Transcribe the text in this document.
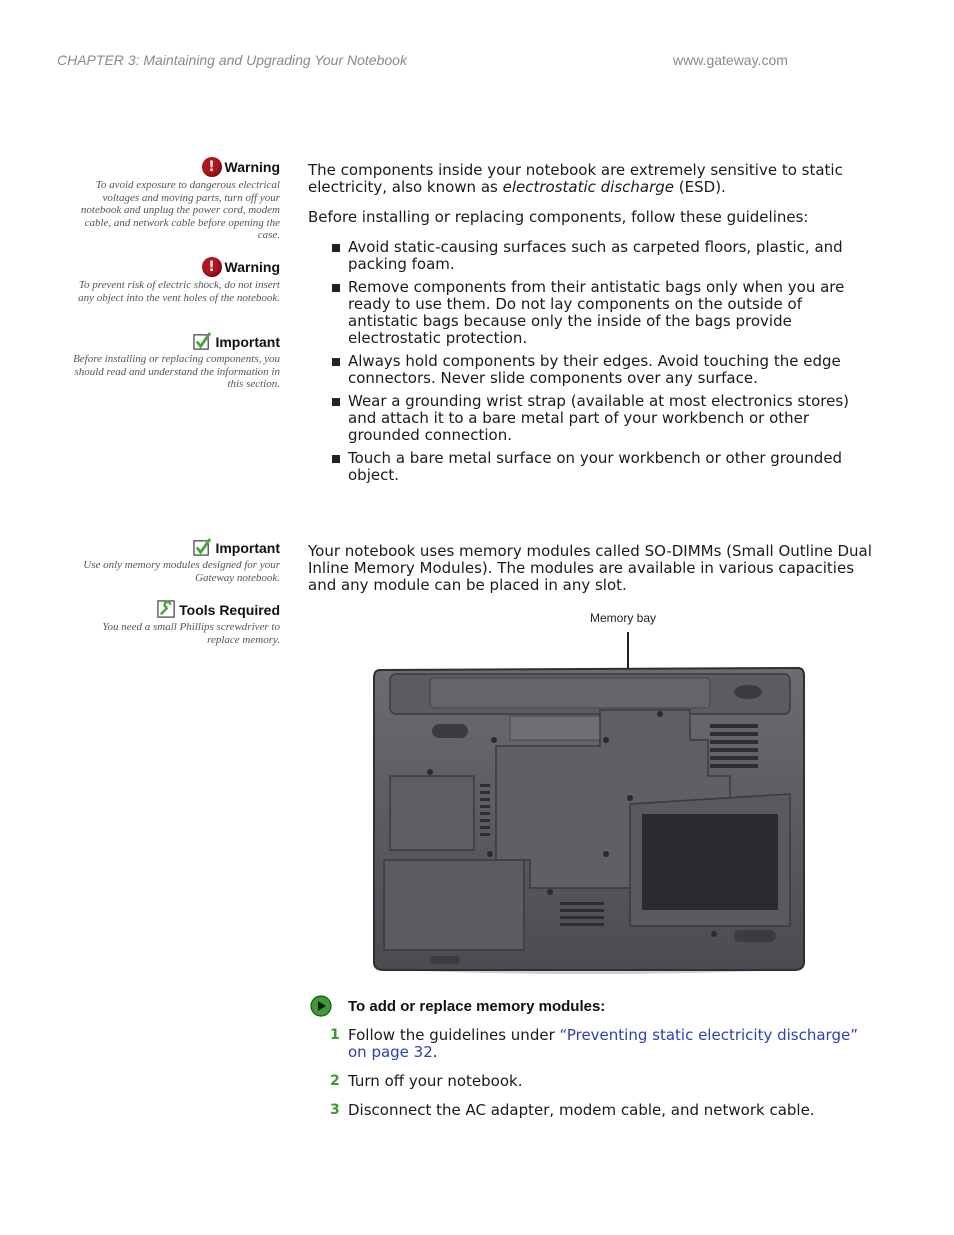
CHAPTER 3: Maintaining and Upgrading Your Notebook	www.gateway.com
! Warning
To avoid exposure to dangerous electrical voltages and moving parts, turn off your notebook and unplug the power cord, modem cable, and network cable before opening the case.
! Warning
To prevent risk of electric shock, do not insert any object into the vent holes of the notebook.
Important
Before installing or replacing components, you should read and understand the information in this section.
Important
Use only memory modules designed for your Gateway notebook.
Tools Required
You need a small Phillips screwdriver to replace memory.
The components inside your notebook are extremely sensitive to static electricity, also known as electrostatic discharge (ESD).
Before installing or replacing components, follow these guidelines:
Avoid static-causing surfaces such as carpeted floors, plastic, and packing foam.
Remove components from their antistatic bags only when you are ready to use them. Do not lay components on the outside of antistatic bags because only the inside of the bags provide electrostatic protection.
Always hold components by their edges. Avoid touching the edge connectors. Never slide components over any surface.
Wear a grounding wrist strap (available at most electronics stores) and attach it to a bare metal part of your workbench or other grounded connection.
Touch a bare metal surface on your workbench or other grounded object.
Your notebook uses memory modules called SO-DIMMs (Small Outline Dual Inline Memory Modules). The modules are available in various capacities and any module can be placed in any slot.
Memory bay
To add or replace memory modules:
1 Follow the guidelines under “Preventing static electricity discharge” on page 32.
2 Turn off your notebook.
3 Disconnect the AC adapter, modem cable, and network cable.
